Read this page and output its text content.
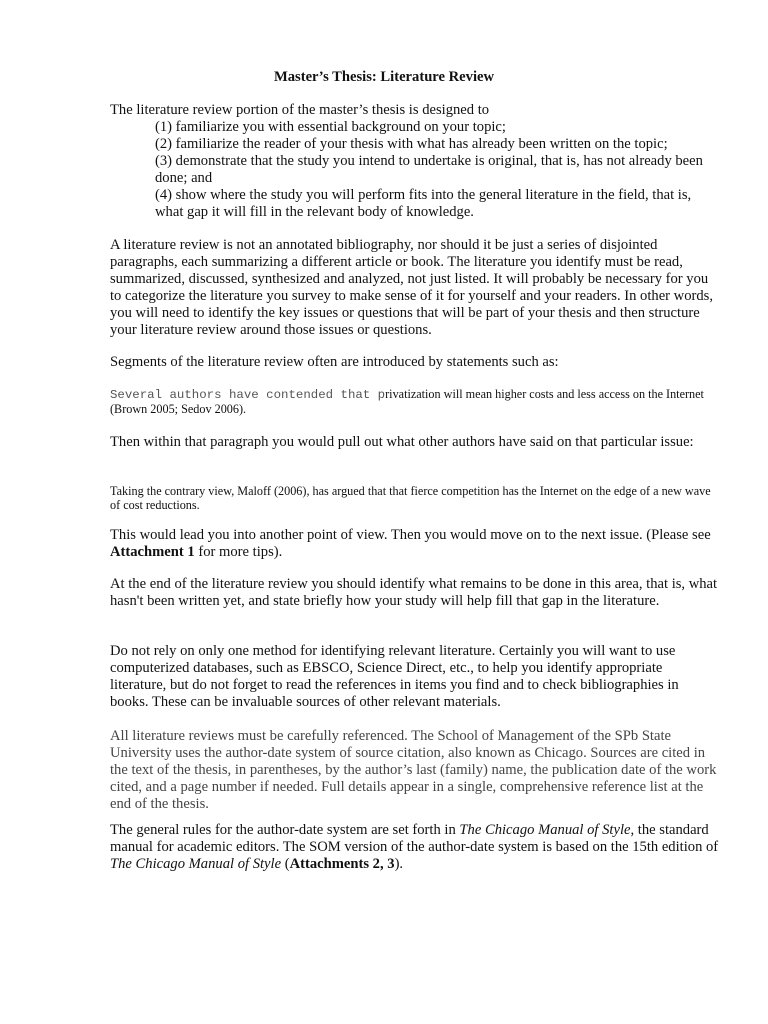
Master’s Thesis: Literature Review

The literature review portion of the master’s thesis is designed to

(1) familiarize you with essential background on your topic;
(2) familiarize the reader of your thesis with what has already been written on the topic;
(3) demonstrate that the study you intend to undertake is original, that is, has not already been done; and
(4) show where the study you will perform fits into the general literature in the field, that is, what gap it will fill in the relevant body of knowledge.

A literature review is not an annotated bibliography, nor should it be just a series of disjointed paragraphs, each summarizing a different article or book. The literature you identify must be read, summarized, discussed, synthesized and analyzed, not just listed. It will probably be necessary for you to categorize the literature you survey to make sense of it for yourself and your readers. In other words, you will need to identify the key issues or questions that will be part of your thesis and then structure your literature review around those issues or questions.

Segments of the literature review often are introduced by statements such as:

Several authors have contended that privatization will mean higher costs and less access on the Internet (Brown 2005; Sedov 2006).

Then within that paragraph you would pull out what other authors have said on that particular issue:

Taking the contrary view, Maloff (2006), has argued that that fierce competition has the Internet on the edge of a new wave of cost reductions.

This would lead you into another point of view. Then you would move on to the next issue. (Please see Attachment 1 for more tips).

At the end of the literature review you should identify what remains to be done in this area, that is, what hasn't been written yet, and state briefly how your study will help fill that gap in the literature.

Do not rely on only one method for identifying relevant literature. Certainly you will want to use computerized databases, such as EBSCO, Science Direct, etc., to help you identify appropriate literature, but do not forget to read the references in items you find and to check bibliographies in books. These can be invaluable sources of other relevant materials.

All literature reviews must be carefully referenced. The School of Management of the SPb State University uses the author-date system of source citation, also known as Chicago. Sources are cited in the text of the thesis, in parentheses, by the author’s last (family) name, the publication date of the work cited, and a page number if needed. Full details appear in a single, comprehensive reference list at the end of the thesis.

The general rules for the author-date system are set forth in The Chicago Manual of Style, the standard manual for academic editors. The SOM version of the author-date system is based on the 15th edition of The Chicago Manual of Style (Attachments 2, 3).
